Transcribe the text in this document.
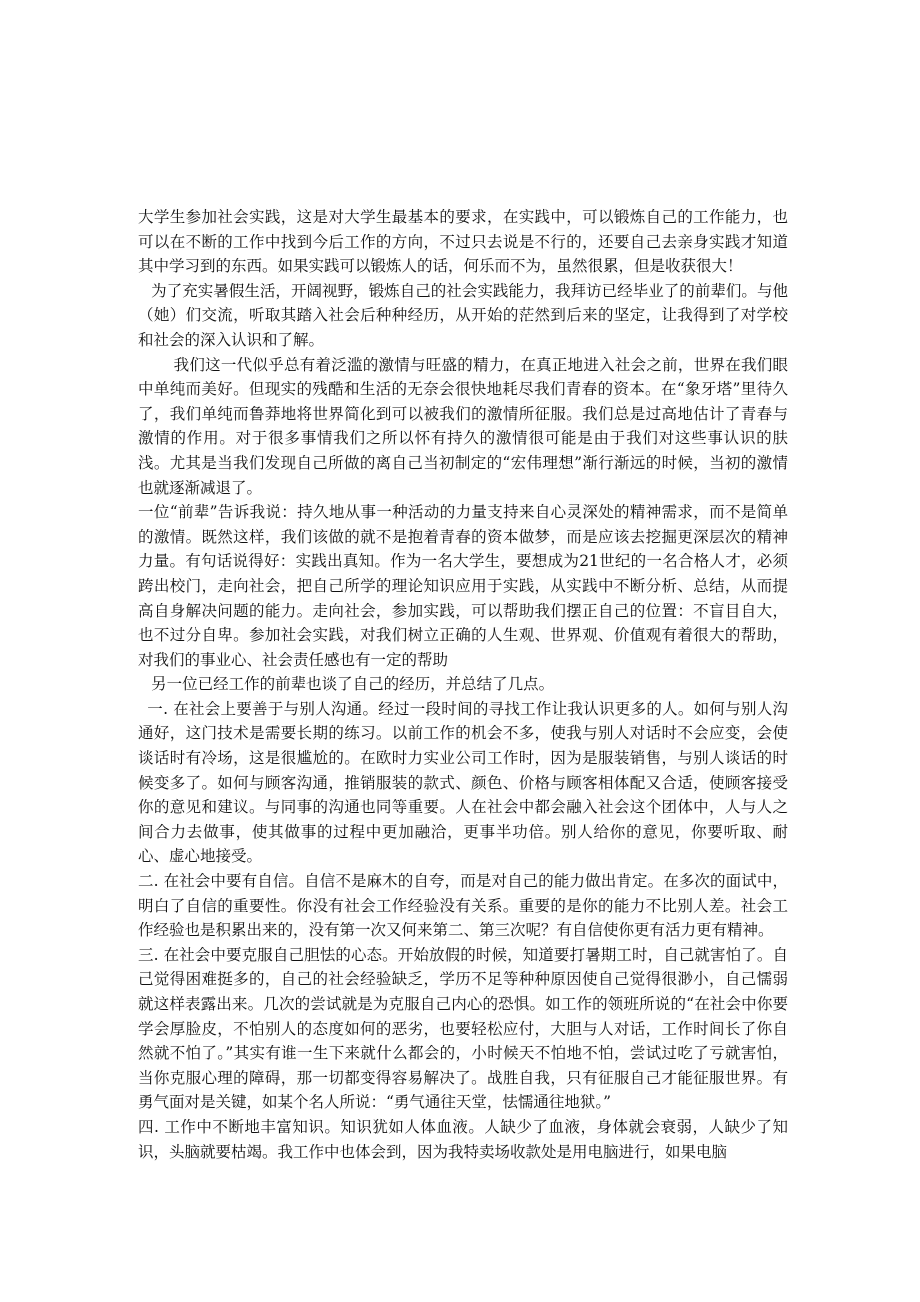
大学生参加社会实践，这是对大学生最基本的要求，在实践中，可以锻炼自己的工作能力，也可以在不断的工作中找到今后工作的方向，不过只去说是不行的，还要自己去亲身实践才知道其中学习到的东西。如果实践可以锻炼人的话，何乐而不为，虽然很累，但是收获很大！

为了充实暑假生活，开阔视野，锻炼自己的社会实践能力，我拜访已经毕业了的前辈们。与他（她）们交流，听取其踏入社会后种种经历，从开始的茫然到后来的坚定，让我得到了对学校和社会的深入认识和了解。

我们这一代似乎总有着泛滥的激情与旺盛的精力，在真正地进入社会之前，世界在我们眼中单纯而美好。但现实的残酷和生活的无奈会很快地耗尽我们青春的资本。在“象牙塔”里待久了，我们单纯而鲁莽地将世界简化到可以被我们的激情所征服。我们总是过高地估计了青春与激情的作用。对于很多事情我们之所以怀有持久的激情很可能是由于我们对这些事认识的肤浅。尤其是当我们发现自己所做的离自己当初制定的“宏伟理想”渐行渐远的时候，当初的激情也就逐渐减退了。

一位“前辈”告诉我说：持久地从事一种活动的力量支持来自心灵深处的精神需求，而不是简单的激情。既然这样，我们该做的就不是抱着青春的资本做梦，而是应该去挖掘更深层次的精神力量。有句话说得好：实践出真知。作为一名大学生，要想成为21世纪的一名合格人才，必须跨出校门，走向社会，把自己所学的理论知识应用于实践，从实践中不断分析、总结，从而提高自身解决问题的能力。走向社会，参加实践，可以帮助我们摆正自己的位置：不盲目自大，也不过分自卑。参加社会实践，对我们树立正确的人生观、世界观、价值观有着很大的帮助，对我们的事业心、社会责任感也有一定的帮助

另一位已经工作的前辈也谈了自己的经历，并总结了几点。

一. 在社会上要善于与别人沟通。经过一段时间的寻找工作让我认识更多的人。如何与别人沟通好，这门技术是需要长期的练习。以前工作的机会不多，使我与别人对话时不会应变，会使谈话时有冷场，这是很尴尬的。在欧时力实业公司工作时，因为是服装销售，与别人谈话的时候变多了。如何与顾客沟通，推销服装的款式、颜色、价格与顾客相体配又合适，使顾客接受你的意见和建议。与同事的沟通也同等重要。人在社会中都会融入社会这个团体中，人与人之间合力去做事，使其做事的过程中更加融洽，更事半功倍。别人给你的意见，你要听取、耐心、虚心地接受。

二. 在社会中要有自信。自信不是麻木的自夸，而是对自己的能力做出肯定。在多次的面试中，明白了自信的重要性。你没有社会工作经验没有关系。重要的是你的能力不比别人差。社会工作经验也是积累出来的，没有第一次又何来第二、第三次呢？有自信使你更有活力更有精神。

三. 在社会中要克服自己胆怯的心态。开始放假的时候，知道要打暑期工时，自己就害怕了。自己觉得困难挺多的，自己的社会经验缺乏，学历不足等种种原因使自己觉得很渺小，自己懦弱就这样表露出来。几次的尝试就是为克服自己内心的恐惧。如工作的领班所说的“在社会中你要学会厚脸皮，不怕别人的态度如何的恶劣，也要轻松应付，大胆与人对话，工作时间长了你自然就不怕了。”其实有谁一生下来就什么都会的，小时候天不怕地不怕，尝试过吃了亏就害怕，当你克服心理的障碍，那一切都变得容易解决了。战胜自我，只有征服自己才能征服世界。有勇气面对是关键，如某个名人所说：“勇气通往天堂，怯懦通往地狱。”

四. 工作中不断地丰富知识。知识犹如人体血液。人缺少了血液，身体就会衰弱，人缺少了知识，头脑就要枯竭。我工作中也体会到，因为我特卖场收款处是用电脑进行，如果电脑
